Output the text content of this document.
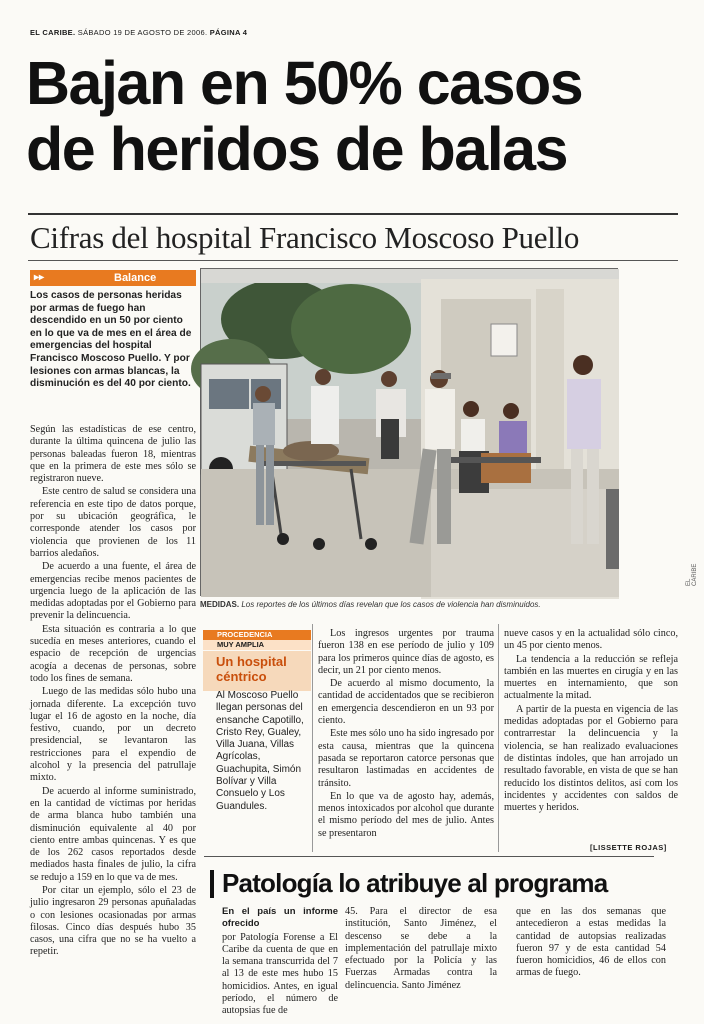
EL CARIBE. SÁBADO 19 DE AGOSTO DE 2006. PÁGINA 4
Bajan en 50% casos
de heridos de balas
Cifras del hospital Francisco Moscoso Puello
▸▸	Balance
Los casos de personas heridas por armas de fuego han descendido en un 50 por ciento en lo que va de mes en el área de emergencias del hospital Francisco Moscoso Puello. Y por lesiones con armas blancas, la disminución es del 40 por ciento.

Según las estadísticas de ese centro, durante la última quincena de julio las personas baleadas fueron 18, mientras que en la primera de este mes sólo se registraron nueve.

Este centro de salud se considera una referencia en este tipo de datos porque, por su ubicación geográfica, le corresponde atender los casos por violencia que provienen de los 11 barrios aledaños.

De acuerdo a una fuente, el área de emergencias recibe menos pacientes de urgencia luego de la aplicación de las medidas adoptadas por el Gobierno para prevenir la delincuencia.

Esta situación es contraria a lo que sucedía en meses anteriores, cuando el espacio de recepción de urgencias acogía a decenas de personas, sobre todo los fines de semana.

Luego de las medidas sólo hubo una jornada diferente. La excepción tuvo lugar el 16 de agosto en la noche, día festivo, cuando, por un decreto presidencial, se levantaron las restricciones para el expendio de alcohol y la presencia del patrullaje mixto.

De acuerdo al informe suministrado, en la cantidad de víctimas por heridas de arma blanca hubo también una disminución equivalente al 40 por ciento entre ambas quincenas. Y es que de los 262 casos reportados desde mediados hasta finales de julio, la cifra se redujo a 159 en lo que va de mes.

Por citar un ejemplo, sólo el 23 de julio ingresaron 29 personas apuñaladas o con lesiones ocasionadas por armas filosas. Cinco días después hubo 35 casos, una cifra que no se ha vuelto a repetir.

MEDIDAS. Los reportes de los últimos días revelan que los casos de violencia han disminuidos.
EL CARIBE
PROCEDENCIA
MUY AMPLIA
Un hospital céntrico
Al Moscoso Puello llegan personas del ensanche Capotillo, Cristo Rey, Gualey, Villa Juana, Villas Agrícolas, Guachupita, Simón Bolívar y Villa Consuelo y Los Guandules.

Los ingresos urgentes por trauma fueron 138 en ese período de julio y 109 para los primeros quince días de agosto, es decir, un 21 por ciento menos.

De acuerdo al mismo documento, la cantidad de accidentados que se recibieron en emergencia descendieron en un 93 por ciento.

Este mes sólo uno ha sido ingresado por esta causa, mientras que la quincena pasada se reportaron catorce personas que resultaron lastimadas en accidentes de tránsito.

En lo que va de agosto hay, además, menos intoxicados por alcohol que durante el mismo período del mes de julio. Antes se presentaron

nueve casos y en la actualidad sólo cinco, un 45 por ciento menos.

La tendencia a la reducción se refleja también en las muertes en cirugía y en las muertes en internamiento, que son actualmente la mitad.

A partir de la puesta en vigencia de las medidas adoptadas por el Gobierno para contrarrestar la delincuencia y la violencia, se han realizado evaluaciones de distintas índoles, que han arrojado un resultado favorable, en vista de que se han reducido los distintos delitos, así com los incidentes y accidentes con saldos de muertes y heridos.

[LISSETTE ROJAS]
Patología lo atribuye al programa

En el país un informe ofrecido

por Patología Forense a El Caribe da cuenta de que en la semana transcurrida del 7 al 13 de este mes hubo 15 homicidios. Antes, en igual período, el número de autopsias fue de

45. Para el director de esa institución, Santo Jiménez, el descenso se debe a la implementación del patrullaje mixto efectuado por la Policía y las Fuerzas Armadas contra la delincuencia. Santo Jiménez

que en las dos semanas que antecedieron a estas medidas la cantidad de autopsias realizadas fueron 97 y de esta cantidad 54 fueron homicidios, 46 de ellos con armas de fuego.
